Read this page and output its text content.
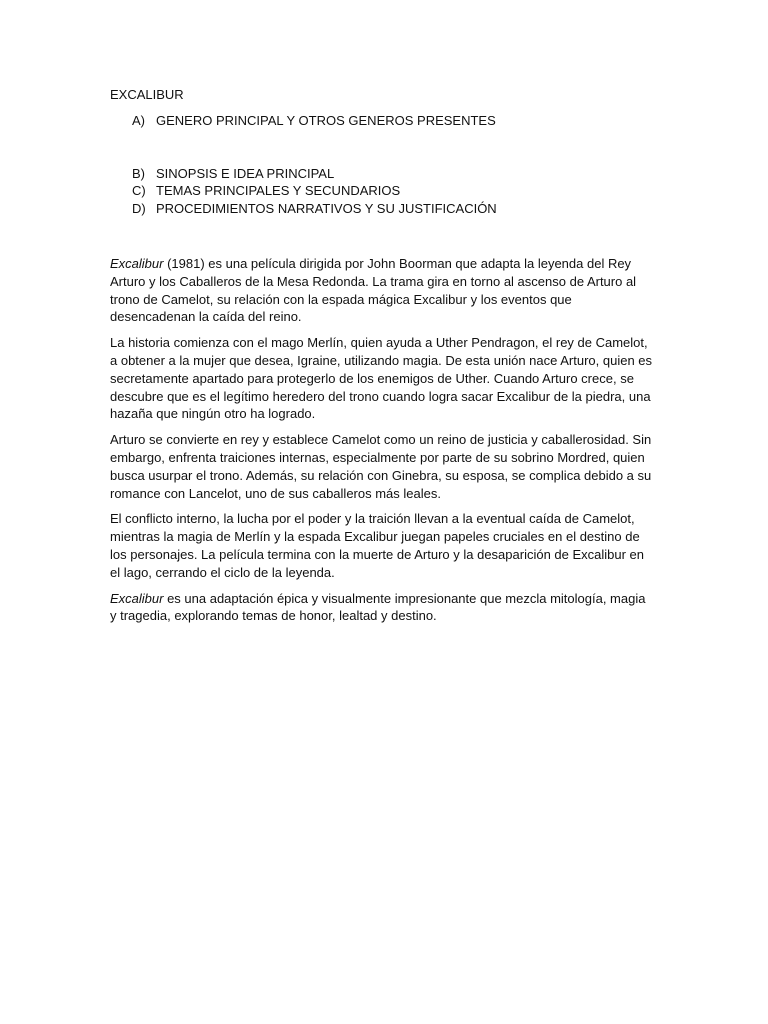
EXCALIBUR
A) GENERO PRINCIPAL Y OTROS GENEROS PRESENTES
B) SINOPSIS E IDEA PRINCIPAL
C) TEMAS PRINCIPALES Y SECUNDARIOS
D) PROCEDIMIENTOS NARRATIVOS Y SU JUSTIFICACIÓN

Excalibur (1981) es una película dirigida por John Boorman que adapta la leyenda del Rey Arturo y los Caballeros de la Mesa Redonda. La trama gira en torno al ascenso de Arturo al trono de Camelot, su relación con la espada mágica Excalibur y los eventos que desencadenan la caída del reino.

La historia comienza con el mago Merlín, quien ayuda a Uther Pendragon, el rey de Camelot, a obtener a la mujer que desea, Igraine, utilizando magia. De esta unión nace Arturo, quien es secretamente apartado para protegerlo de los enemigos de Uther. Cuando Arturo crece, se descubre que es el legítimo heredero del trono cuando logra sacar Excalibur de la piedra, una hazaña que ningún otro ha logrado.

Arturo se convierte en rey y establece Camelot como un reino de justicia y caballerosidad. Sin embargo, enfrenta traiciones internas, especialmente por parte de su sobrino Mordred, quien busca usurpar el trono. Además, su relación con Ginebra, su esposa, se complica debido a su romance con Lancelot, uno de sus caballeros más leales.

El conflicto interno, la lucha por el poder y la traición llevan a la eventual caída de Camelot, mientras la magia de Merlín y la espada Excalibur juegan papeles cruciales en el destino de los personajes. La película termina con la muerte de Arturo y la desaparición de Excalibur en el lago, cerrando el ciclo de la leyenda.

Excalibur es una adaptación épica y visualmente impresionante que mezcla mitología, magia y tragedia, explorando temas de honor, lealtad y destino.
